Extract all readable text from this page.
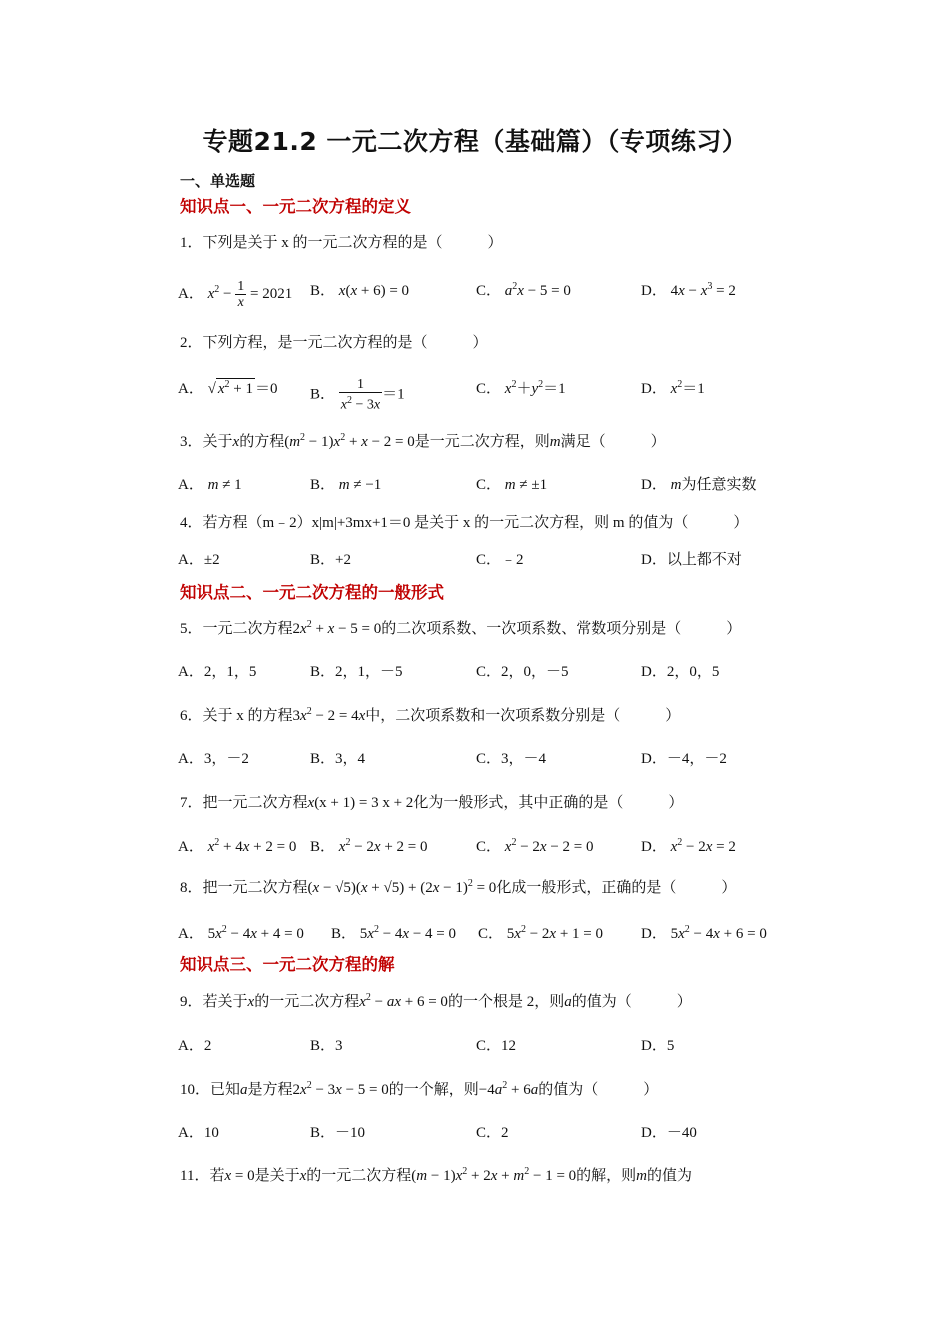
专题21.2 一元二次方程（基础篇）（专项练习）
一、单选题
知识点一、一元二次方程的定义
1．下列是关于 x 的一元二次方程的是（　　　）
A． $x^2 - \frac{1}{x} = 2021$ B． x(x + 6) = 0	C． $a^2x - 5 = 0$	D． $4x - x^3 = 2$
2．下列方程，是一元二次方程的是（　　　）
A． √ $x^2 + 1 =0$ B． $\frac{1}{x^2 - 3x} =1$	C． $x^2+y^2=1$	D． $x^2=1$
3．关于x的方程$(m^2 - 1)x^2 + x - 2 = 0$是一元二次方程，则m满足（　　　）
A． m ≠ 1	B． m ≠ −1	C． m ≠ ±1	D． m为任意实数
4．若方程（m﹣2）x|m|+3mx+1＝0 是关于 x 的一元二次方程，则 m 的值为（　　　）
A．±2	B．+2	C．﹣2	D．以上都不对
知识点二、一元二次方程的一般形式
5．一元二次方程$2x^2 + x - 5 = 0$的二次项系数、一次项系数、常数项分别是（　　　）
A．2，1，5	B．2，1，－5	C．2，0，－5	D．2，0，5
6．关于 x 的方程$3x^2 - 2 = 4x$中，二次项系数和一次项系数分别是（　　　）
A．3，－2	B．3，4	C．3，－4	D．－4，－2
7．把一元二次方程x(x + 1) = 3 x + 2化为一般形式，其中正确的是（　　　）
A． $x^2 + 4x + 2 = 0$ B． $x^2 - 2x + 2 = 0$	C． $x^2 - 2x - 2 = 0$	D． $x^2 - 2x = 2$
8．把一元二次方程$(x - √5)(x + √5) + (2x - 1)^2 = 0$化成一般形式，正确的是（　　　）
A． $5x^2 - 4x + 4 = 0$ B． $5x^2 - 4x - 4 = 0$ C． $5x^2 - 2x + 1 = 0$	D． $5x^2 - 4x + 6 = 0$
知识点三、一元二次方程的解
9．若关于x的一元二次方程$x^2$ − ax + 6 = 0的一个根是 2，则a的值为（　　　）
A．2	B．3	C．12	D．5
10．已知a是方程$2x^2 - 3x - 5 = 0$的一个解，则$-4a^2 + 6a$的值为（　　　）
A．10	B．－10	C．2	D．－40
11．若x = 0是关于x的一元二次方程$(m - 1)x^2 + 2x + m^2 - 1 = 0$的解，则m的值为
